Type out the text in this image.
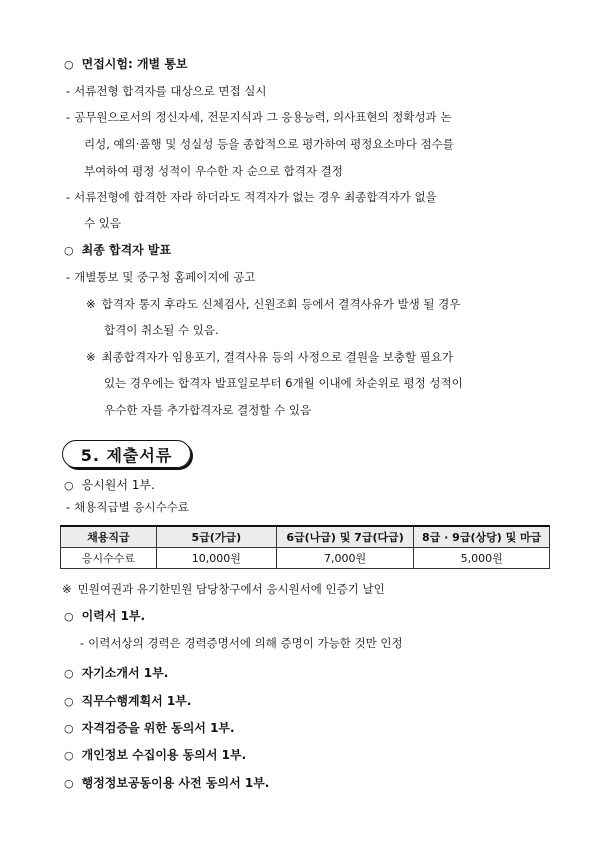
○ 면접시험: 개별 통보
- 서류전형 합격자를 대상으로 면접 실시
- 공무원으로서의 정신자세, 전문지식과 그 응용능력, 의사표현의 정확성과 논
리성, 예의·품행 및 성실성 등을 종합적으로 평가하여 평정요소마다 점수를
부여하여 평정 성적이 우수한 자 순으로 합격자 결정
- 서류전형에 합격한 자라 하더라도 적격자가 없는 경우 최종합격자가 없을
수 있음
○ 최종 합격자 발표
- 개별통보 및 중구청 홈페이지에 공고
※ 합격자 통지 후라도 신체검사, 신원조회 등에서 결격사유가 발생 될 경우
합격이 취소될 수 있음.
※ 최종합격자가 임용포기, 결격사유 등의 사정으로 결원을 보충할 필요가
있는 경우에는 합격자 발표일로부터 6개월 이내에 차순위로 평정 성적이
우수한 자를 추가합격자로 결정할 수 있음
5. 제출서류
○ 응시원서 1부.
- 채용직급별 응시수수료
채용직급	5급(가급)	6급(나급) 및 7급(다급)	8급 · 9급(상당) 및 마급
응시수수료	10,000원	7,000원	5,000원
※ 민원여권과 유기한민원 담당창구에서 응시원서에 인증기 날인
○ 이력서 1부.
- 이력서상의 경력은 경력증명서에 의해 증명이 가능한 것만 인정
○ 자기소개서 1부.
○ 직무수행계획서 1부.
○ 자격검증을 위한 동의서 1부.
○ 개인정보 수집이용 동의서 1부.
○ 행정정보공동이용 사전 동의서 1부.
